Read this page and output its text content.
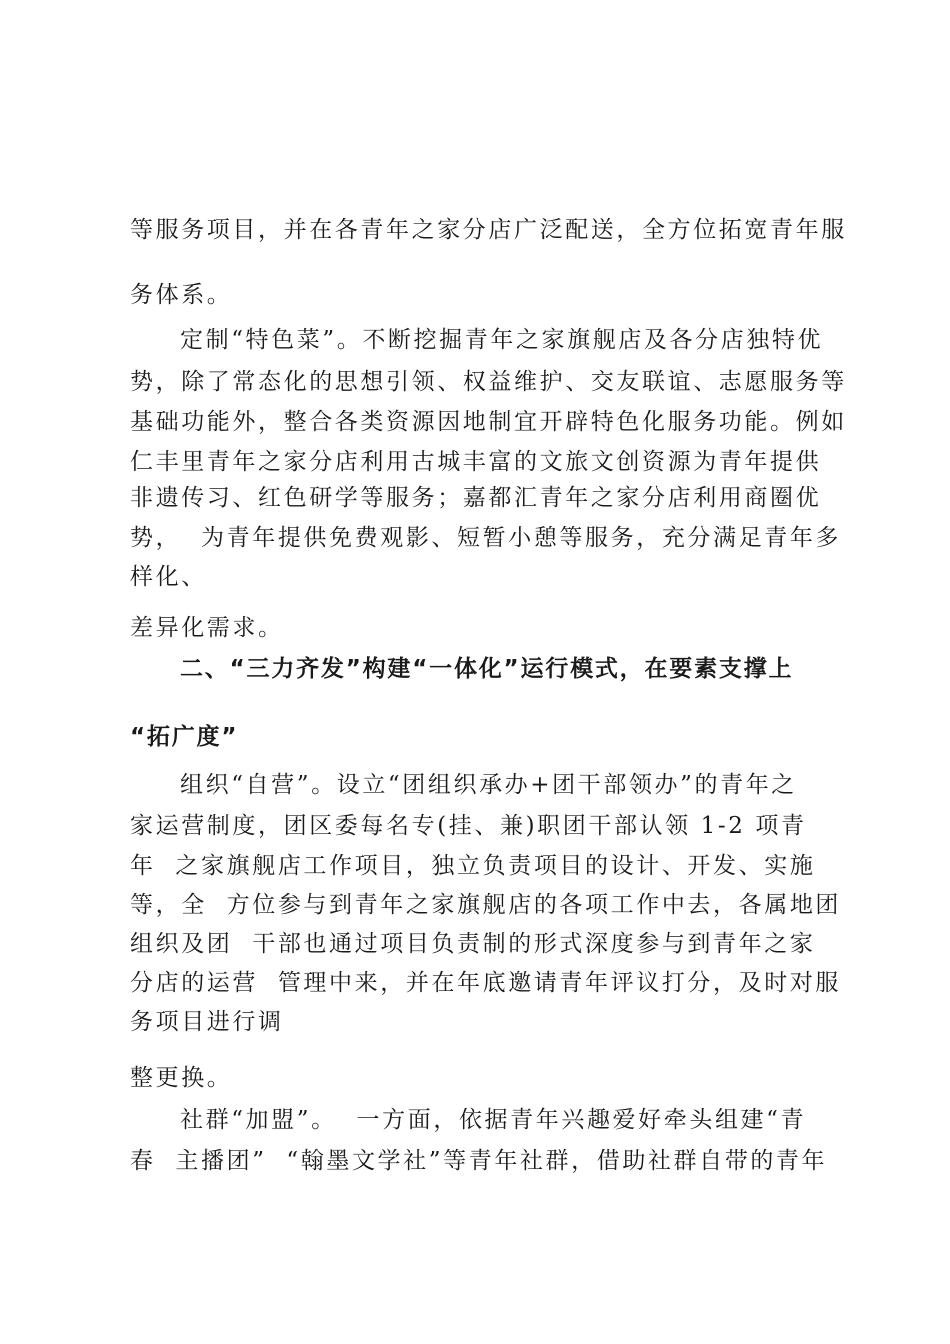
等服务项目，并在各青年之家分店广泛配送，全方位拓宽青年服
务体系。
定制“特色菜”。不断挖掘青年之家旗舰店及各分店独特优
势，除了常态化的思想引领、权益维护、交友联谊、志愿服务等
基础功能外，整合各类资源因地制宜开辟特色化服务功能。例如
仁丰里青年之家分店利用古城丰富的文旅文创资源为青年提供
非遗传习、红色研学等服务；嘉都汇青年之家分店利用商圈优
势，  为青年提供免费观影、短暂小憩等服务，充分满足青年多
样化、
差异化需求。
二、“三力齐发”构建“一体化”运行模式，在要素支撑上
“拓广度”
组织“自营”。设立“团组织承办+团干部领办”的青年之
家运营制度，团区委每名专(挂、兼)职团干部认领 1-2 项青
年  之家旗舰店工作项目，独立负责项目的设计、开发、实施
等，全  方位参与到青年之家旗舰店的各项工作中去，各属地团
组织及团  干部也通过项目负责制的形式深度参与到青年之家
分店的运营  管理中来，并在年底邀请青年评议打分，及时对服
务项目进行调
整更换。
社群“加盟”。  一方面，依据青年兴趣爱好牵头组建“青
春  主播团”  “翰墨文学社”等青年社群，借助社群自带的青年
